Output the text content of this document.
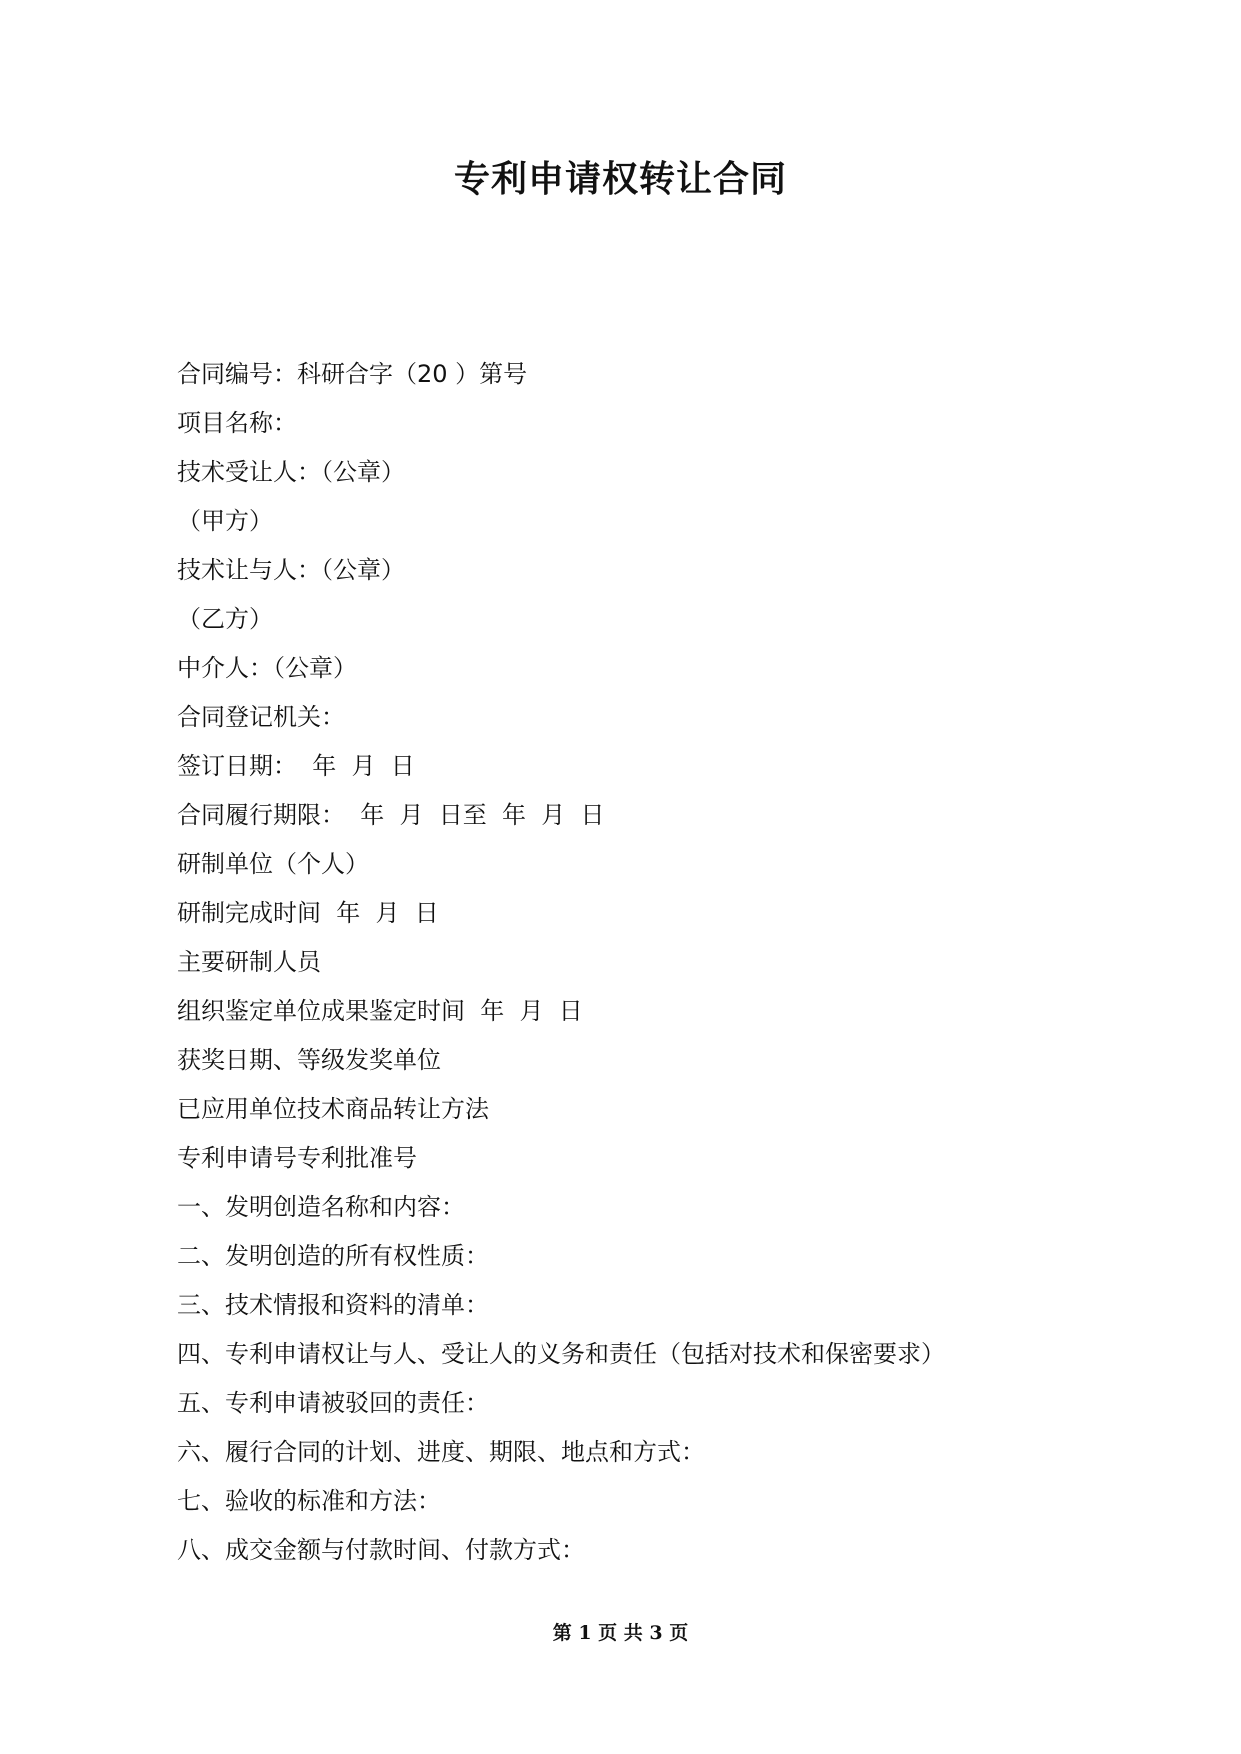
专利申请权转让合同
合同编号：科研合字（20 ）第号
项目名称：
技术受让人：（公章）
（甲方）
技术让与人：（公章）
（乙方）
中介人：（公章）
合同登记机关：
签订日期：  年  月  日
合同履行期限：  年  月  日至  年  月  日
研制单位（个人）
研制完成时间  年  月  日
主要研制人员
组织鉴定单位成果鉴定时间  年  月  日
获奖日期、等级发奖单位
已应用单位技术商品转让方法
专利申请号专利批准号
一、发明创造名称和内容：
二、发明创造的所有权性质：
三、技术情报和资料的清单：
四、专利申请权让与人、受让人的义务和责任（包括对技术和保密要求）
五、专利申请被驳回的责任：
六、履行合同的计划、进度、期限、地点和方式：
七、验收的标准和方法：
八、成交金额与付款时间、付款方式：
第 1 页 共 3 页
